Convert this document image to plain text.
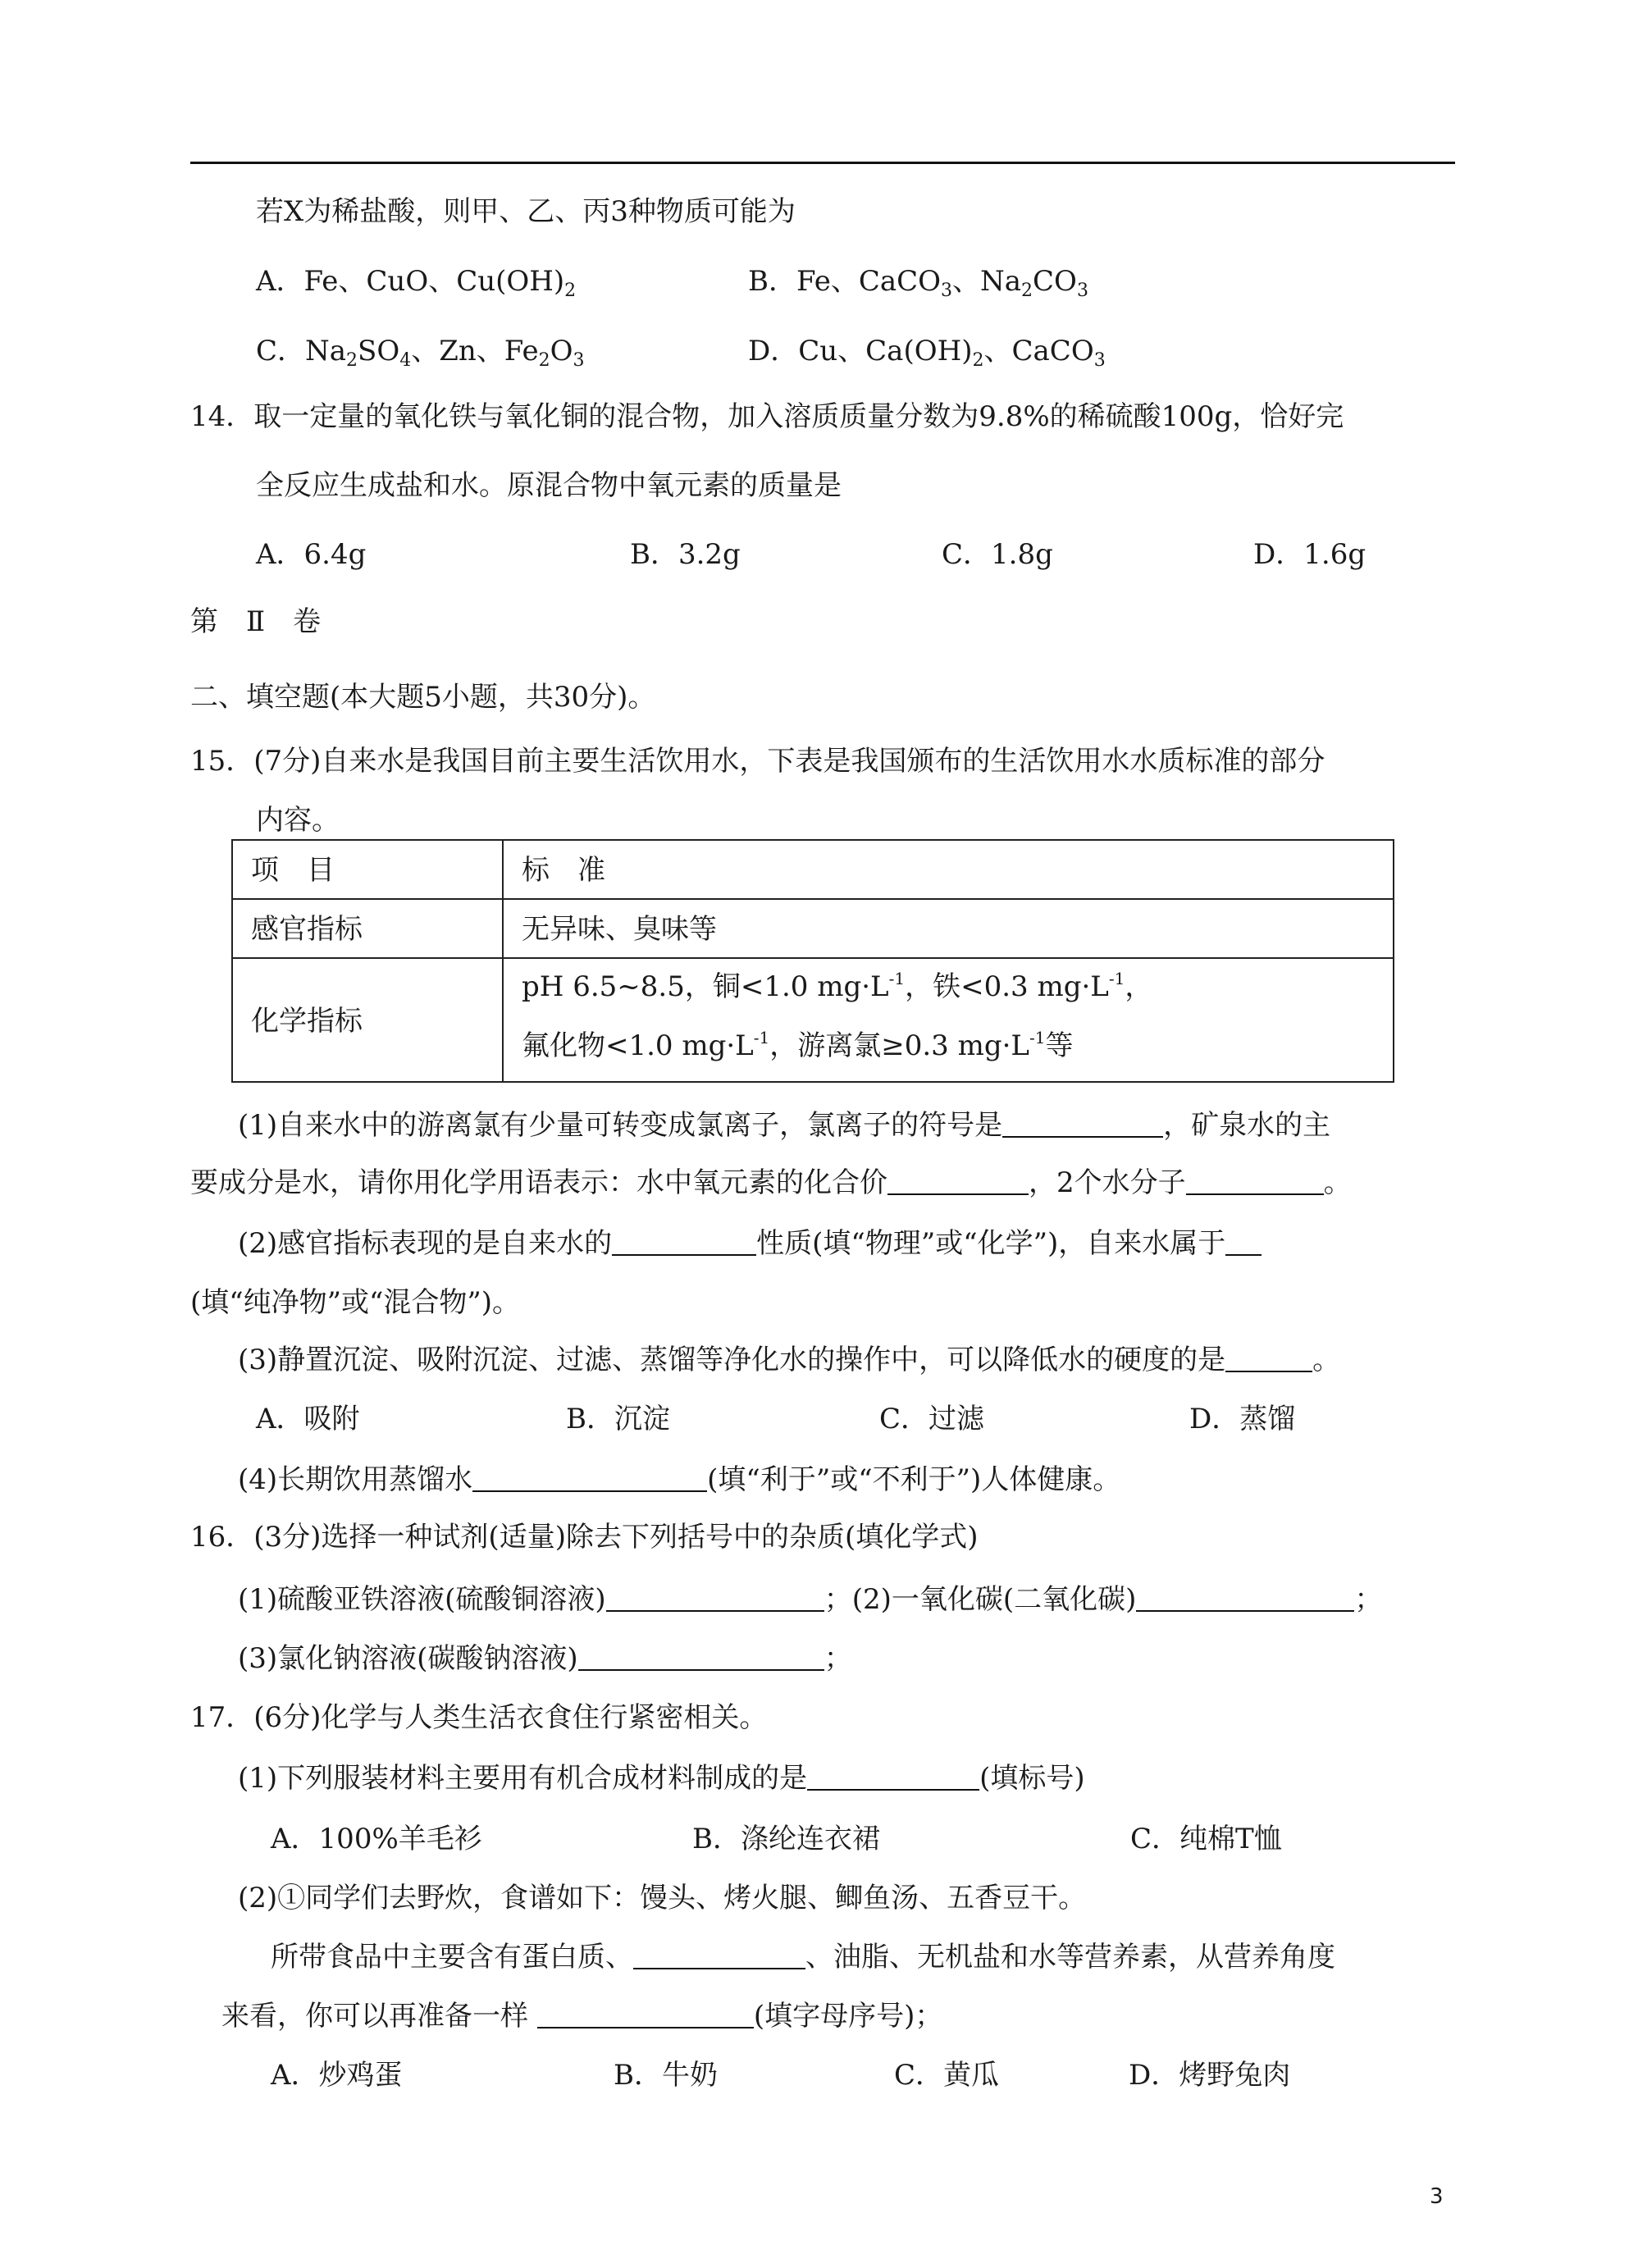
若X为稀盐酸，则甲、乙、丙3种物质可能为
A．Fe、CuO、$Cu(OH)_2$	B．Fe、CaCO$_3$、$Na_2CO_3$
C．$Na_2SO_4$、Zn、$Fe_2O_3$	D．Cu、$Ca(OH)_2$、CaCO$_3$
14．取一定量的氧化铁与氧化铜的混合物，加入溶质质量分数为9.8%的稀硫酸100g，恰好完
全反应生成盐和水。原混合物中氧元素的质量是
A．6.4g	B．3.2g	C．1.8g	D．1.6g
第　Ⅱ　卷
二、填空题(本大题5小题，共30分)。
15．(7分)自来水是我国目前主要生活饮用水，下表是我国颁布的生活饮用水水质标准的部分
内容。
项　目	标　准
感官指标	无异味、臭味等
化学指标
pH 6.5~8.5，铜<1.0 $mg\cdot L^{-1}$，铁<0.3 $mg\cdot L^{-1}$，
氟化物<1.0 $mg\cdot L^{-1}$，游离氯≥0.3 $mg\cdot L^{-1}$等
(1)自来水中的游离氯有少量可转变成氯离子，氯离子的符号是	，矿泉水的主
要成分是水，请你用化学用语表示：水中氧元素的化合价	，2个水分子	。
(2)感官指标表现的是自来水的	性质(填“物理”或“化学”)，自来水属于
(填“纯净物”或“混合物”)。
(3)静置沉淀、吸附沉淀、过滤、蒸馏等净化水的操作中，可以降低水的硬度的是	。
A．吸附	B．沉淀	C．过滤	D．蒸馏
(4)长期饮用蒸馏水	(填“利于”或“不利于”)人体健康。
16．(3分)选择一种试剂(适量)除去下列括号中的杂质(填化学式)
(1)硫酸亚铁溶液(硫酸铜溶液)	；(2)一氧化碳(二氧化碳)	；
(3)氯化钠溶液(碳酸钠溶液)	；
17．(6分)化学与人类生活衣食住行紧密相关。
(1)下列服装材料主要用有机合成材料制成的是	(填标号)
A．100%羊毛衫	B．涤纶连衣裙	C．纯棉T恤
(2)①同学们去野炊，食谱如下：馒头、烤火腿、鲫鱼汤、五香豆干。
所带食品中主要含有蛋白质、	、油脂、无机盐和水等营养素，从营养角度
来看，你可以再准备一样	(填字母序号)；
A．炒鸡蛋	B．牛奶	C．黄瓜	D．烤野兔肉
3
